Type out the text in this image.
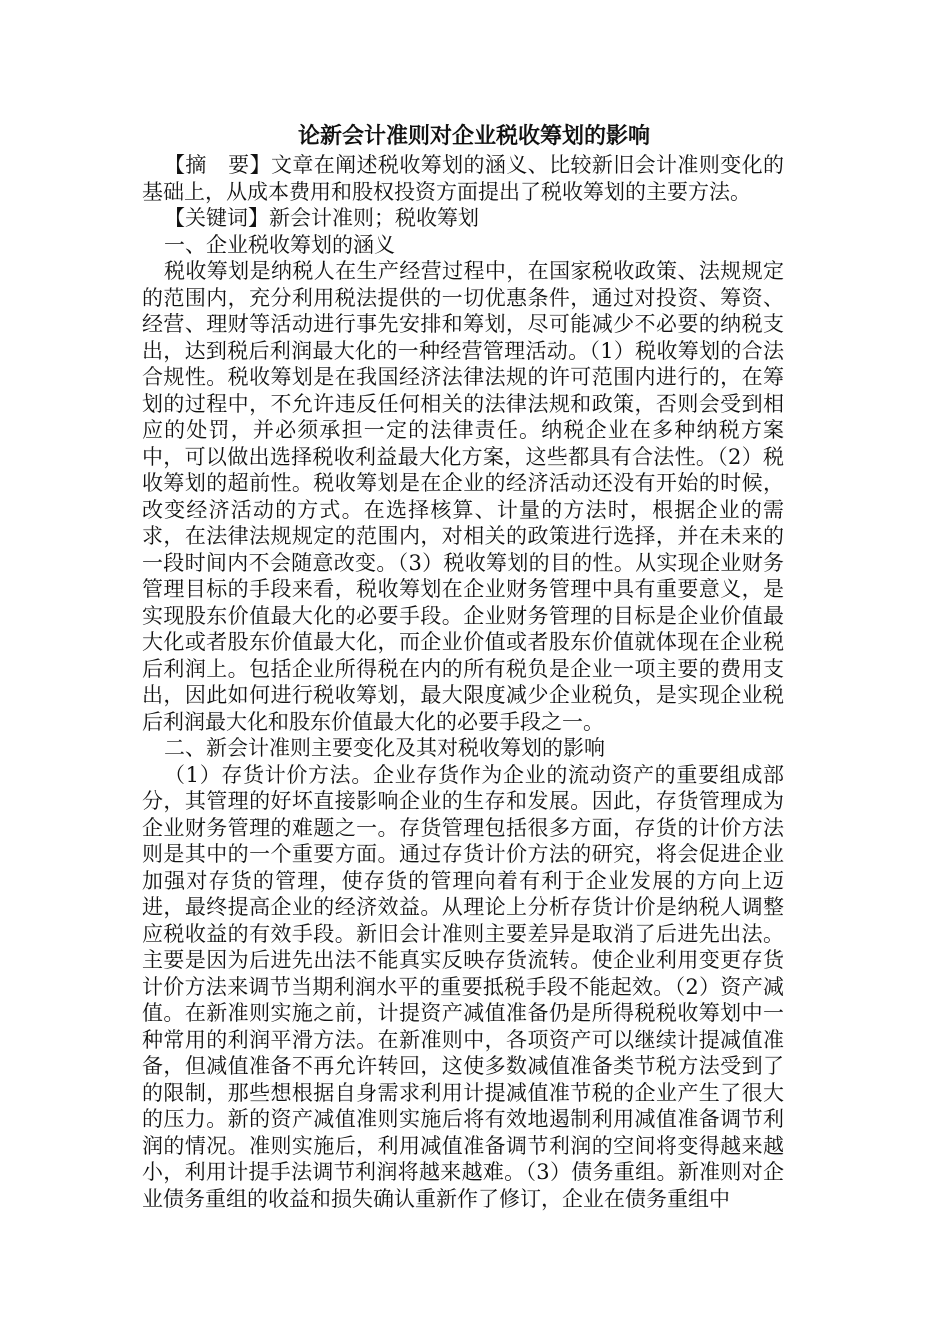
论新会计准则对企业税收筹划的影响

【摘　要】文章在阐述税收筹划的涵义、比较新旧会计准则变化的基础上，从成本费用和股权投资方面提出了税收筹划的主要方法。

【关键词】新会计准则；税收筹划

一、企业税收筹划的涵义

税收筹划是纳税人在生产经营过程中，在国家税收政策、法规规定的范围内，充分利用税法提供的一切优惠条件，通过对投资、筹资、经营、理财等活动进行事先安排和筹划，尽可能减少不必要的纳税支出，达到税后利润最大化的一种经营管理活动。（1）税收筹划的合法合规性。税收筹划是在我国经济法律法规的许可范围内进行的，在筹划的过程中，不允许违反任何相关的法律法规和政策，否则会受到相应的处罚，并必须承担一定的法律责任。纳税企业在多种纳税方案中，可以做出选择税收利益最大化方案，这些都具有合法性。（2）税收筹划的超前性。税收筹划是在企业的经济活动还没有开始的时候，改变经济活动的方式。在选择核算、计量的方法时，根据企业的需求，在法律法规规定的范围内，对相关的政策进行选择，并在未来的一段时间内不会随意改变。（3）税收筹划的目的性。从实现企业财务管理目标的手段来看，税收筹划在企业财务管理中具有重要意义，是实现股东价值最大化的必要手段。企业财务管理的目标是企业价值最大化或者股东价值最大化，而企业价值或者股东价值就体现在企业税后利润上。包括企业所得税在内的所有税负是企业一项主要的费用支出，因此如何进行税收筹划，最大限度减少企业税负，是实现企业税后利润最大化和股东价值最大化的必要手段之一。

二、新会计准则主要变化及其对税收筹划的影响

（1）存货计价方法。企业存货作为企业的流动资产的重要组成部分，其管理的好坏直接影响企业的生存和发展。因此，存货管理成为企业财务管理的难题之一。存货管理包括很多方面，存货的计价方法则是其中的一个重要方面。通过存货计价方法的研究，将会促进企业加强对存货的管理，使存货的管理向着有利于企业发展的方向上迈进，最终提高企业的经济效益。从理论上分析存货计价是纳税人调整应税收益的有效手段。新旧会计准则主要差异是取消了后进先出法。主要是因为后进先出法不能真实反映存货流转。使企业利用变更存货计价方法来调节当期利润水平的重要抵税手段不能起效。（2）资产减值。在新准则实施之前，计提资产减值准备仍是所得税税收筹划中一种常用的利润平滑方法。在新准则中，各项资产可以继续计提减值准备，但减值准备不再允许转回，这使多数减值准备类节税方法受到了的限制，那些想根据自身需求利用计提减值准节税的企业产生了很大的压力。新的资产减值准则实施后将有效地遏制利用减值准备调节利润的情况。准则实施后，利用减值准备调节利润的空间将变得越来越小，利用计提手法调节利润将越来越难。（3）债务重组。新准则对企业债务重组的收益和损失确认重新作了修订，企业在债务重组中
